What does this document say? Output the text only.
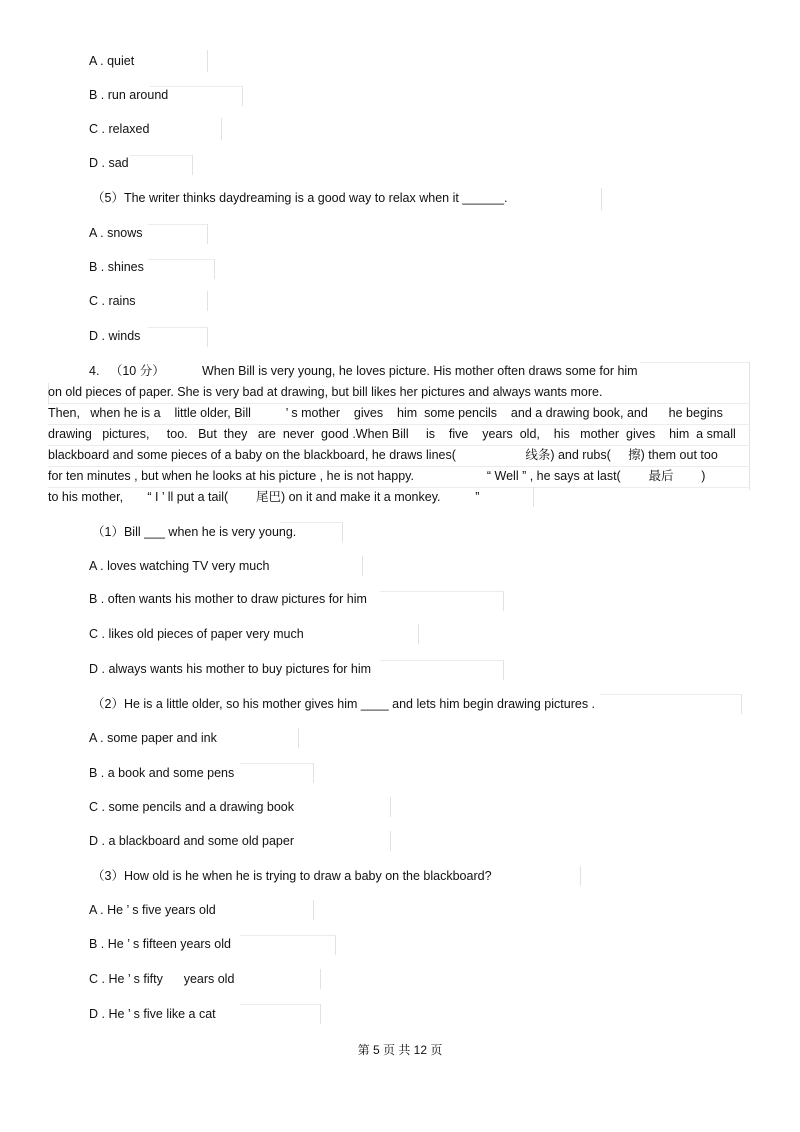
A . quiet
B . run around
C . relaxed
D . sad
（5）The writer thinks daydreaming is a good way to relax when it ______.
A . snows
B . shines
C . rains
D . winds
4.   （10 分）	When Bill is very young, he loves picture. His mother often draws some for him
on old pieces of paper. She is very bad at drawing, but bill likes her pictures and always wants more.
Then,   when he is a    little older, Bill          ’ s mother    gives    him  some pencils    and a drawing book, and      he begins
drawing   pictures,     too.   But  they   are  never  good .When Bill     is    five    years  old,    his   mother  gives    him  a small
blackboard and some pieces of a baby on the blackboard, he draws lines(                    线条) and rubs(     擦) them out too
for ten minutes , but when he looks at his picture , he is not happy.                     “ Well ” , he says at last(        最后        )
to his mother,       “ I ’ ll put a tail(        尾巴) on it and make it a monkey.          ”
（1）Bill ___ when he is very young.
A . loves watching TV very much
B . often wants his mother to draw pictures for him
C . likes old pieces of paper very much
D . always wants his mother to buy pictures for him
（2）He is a little older, so his mother gives him ____ and lets him begin drawing pictures .
A . some paper and ink
B . a book and some pens
C . some pencils and a drawing book
D . a blackboard and some old paper
（3）How old is he when he is trying to draw a baby on the blackboard?
A . He ’ s five years old
B . He ’ s fifteen years old
C . He ’ s fifty      years old
D . He ’ s five like a cat
第 5 页 共 12 页
